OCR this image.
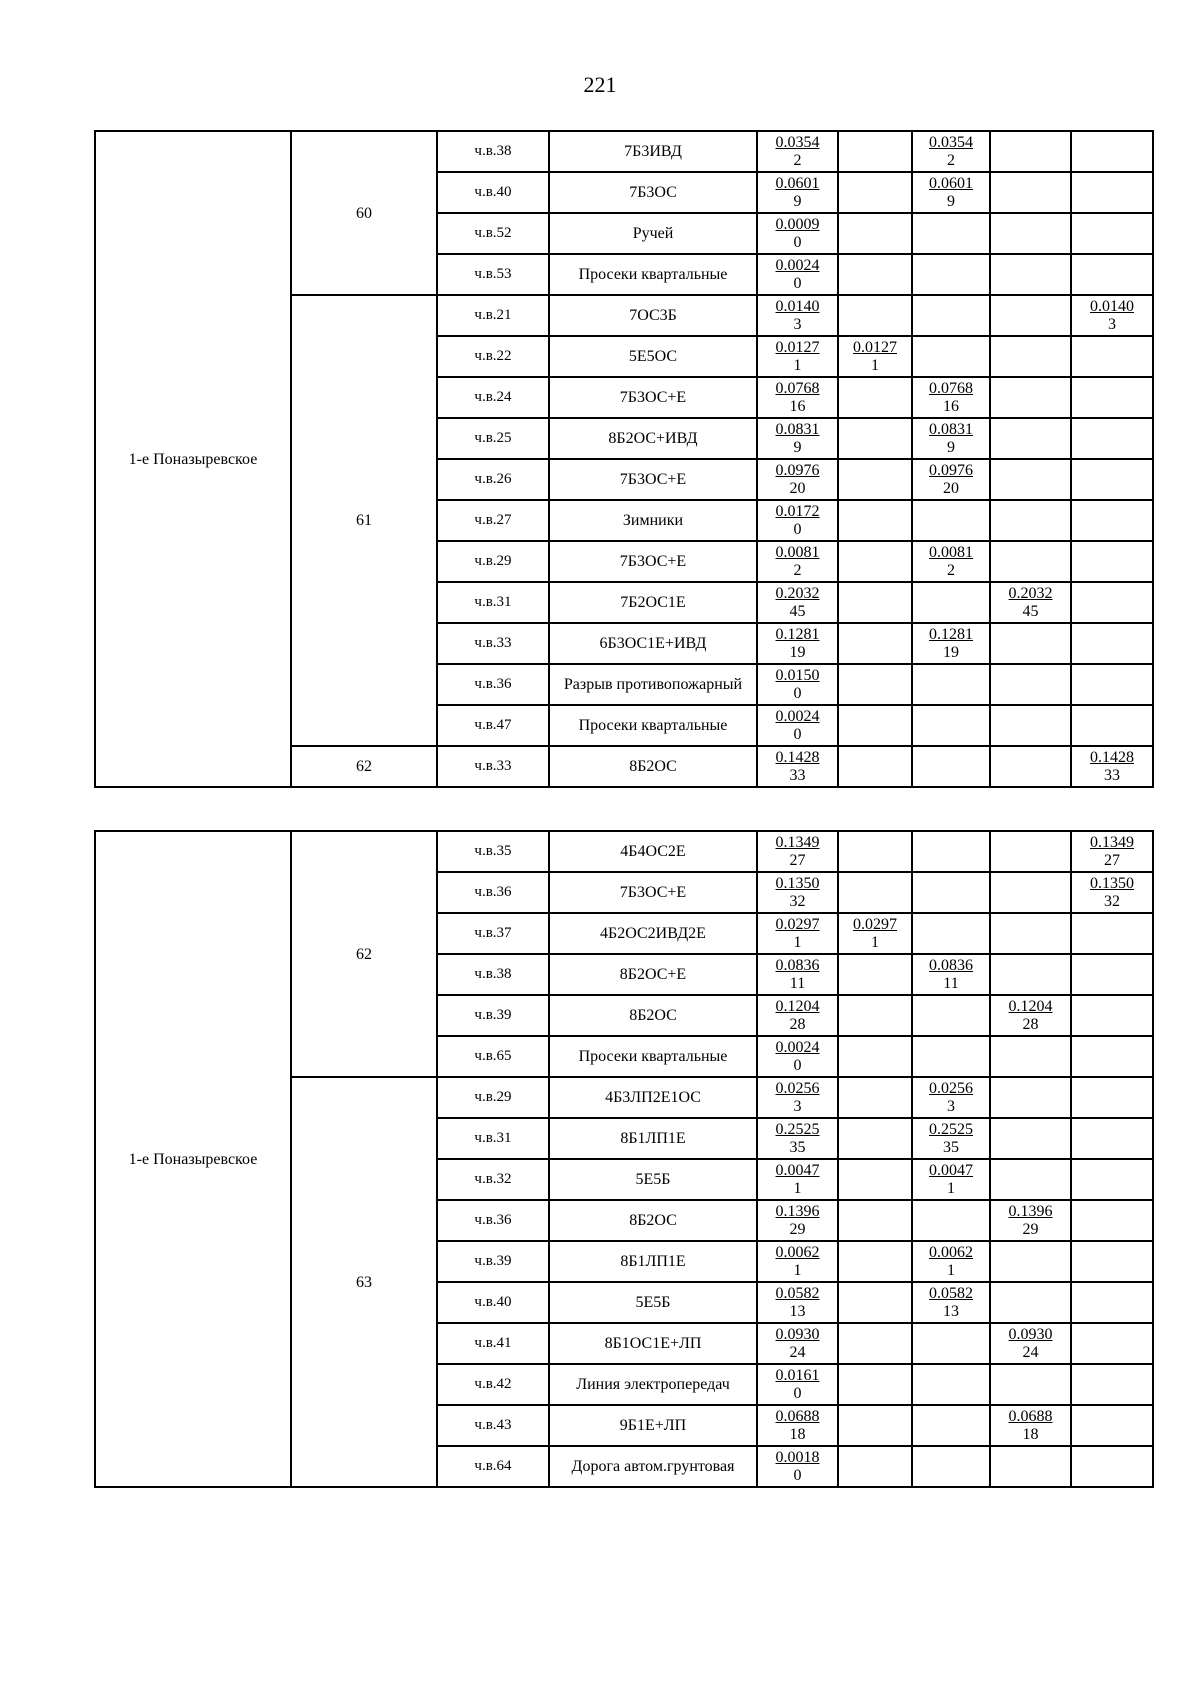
221
1-е Поназыревское	60	ч.в.38	7Б3ИВД	$\frac{0.0354}{2}$		$\frac{0.0354}{2}$

		ч.в.40	7Б3ОС	$\frac{0.0601}{9}$		$\frac{0.0601}{9}$

		ч.в.52	Ручей	$\frac{0.0009}{0}$

		ч.в.53	Просеки квартальные	$\frac{0.0024}{0}$

	61	ч.в.21	7ОС3Б	$\frac{0.0140}{3}$				$\frac{0.0140}{3}$

		ч.в.22	5Е5ОС	$\frac{0.0127}{1}$	$\frac{0.0127}{1}$

		ч.в.24	7Б3ОС+Е	$\frac{0.0768}{16}$		$\frac{0.0768}{16}$

		ч.в.25	8Б2ОС+ИВД	$\frac{0.0831}{9}$		$\frac{0.0831}{9}$

		ч.в.26	7Б3ОС+Е	$\frac{0.0976}{20}$		$\frac{0.0976}{20}$

		ч.в.27	Зимники	$\frac{0.0172}{0}$

		ч.в.29	7Б3ОС+Е	$\frac{0.0081}{2}$		$\frac{0.0081}{2}$

		ч.в.31	7Б2ОС1Е	$\frac{0.2032}{45}$			$\frac{0.2032}{45}$

		ч.в.33	6Б3ОС1Е+ИВД	$\frac{0.1281}{19}$		$\frac{0.1281}{19}$

		ч.в.36	Разрыв противопожарный	$\frac{0.0150}{0}$

		ч.в.47	Просеки квартальные	$\frac{0.0024}{0}$

	62	ч.в.33	8Б2ОС	$\frac{0.1428}{33}$				$\frac{0.1428}{33}$
1-е Поназыревское	62	ч.в.35	4Б4ОС2Е	$\frac{0.1349}{27}$				$\frac{0.1349}{27}$

		ч.в.36	7Б3ОС+Е	$\frac{0.1350}{32}$				$\frac{0.1350}{32}$

		ч.в.37	4Б2ОС2ИВД2Е	$\frac{0.0297}{1}$	$\frac{0.0297}{1}$

		ч.в.38	8Б2ОС+Е	$\frac{0.0836}{11}$		$\frac{0.0836}{11}$

		ч.в.39	8Б2ОС	$\frac{0.1204}{28}$			$\frac{0.1204}{28}$

		ч.в.65	Просеки квартальные	$\frac{0.0024}{0}$

	63	ч.в.29	4Б3ЛП2Е1ОС	$\frac{0.0256}{3}$		$\frac{0.0256}{3}$

		ч.в.31	8Б1ЛП1Е	$\frac{0.2525}{35}$		$\frac{0.2525}{35}$

		ч.в.32	5Е5Б	$\frac{0.0047}{1}$		$\frac{0.0047}{1}$

		ч.в.36	8Б2ОС	$\frac{0.1396}{29}$			$\frac{0.1396}{29}$

		ч.в.39	8Б1ЛП1Е	$\frac{0.0062}{1}$		$\frac{0.0062}{1}$

		ч.в.40	5Е5Б	$\frac{0.0582}{13}$		$\frac{0.0582}{13}$

		ч.в.41	8Б1ОС1Е+ЛП	$\frac{0.0930}{24}$			$\frac{0.0930}{24}$

		ч.в.42	Линия электропередач	$\frac{0.0161}{0}$

		ч.в.43	9Б1Е+ЛП	$\frac{0.0688}{18}$			$\frac{0.0688}{18}$

		ч.в.64	Дорога автом.грунтовая	$\frac{0.0018}{0}$
